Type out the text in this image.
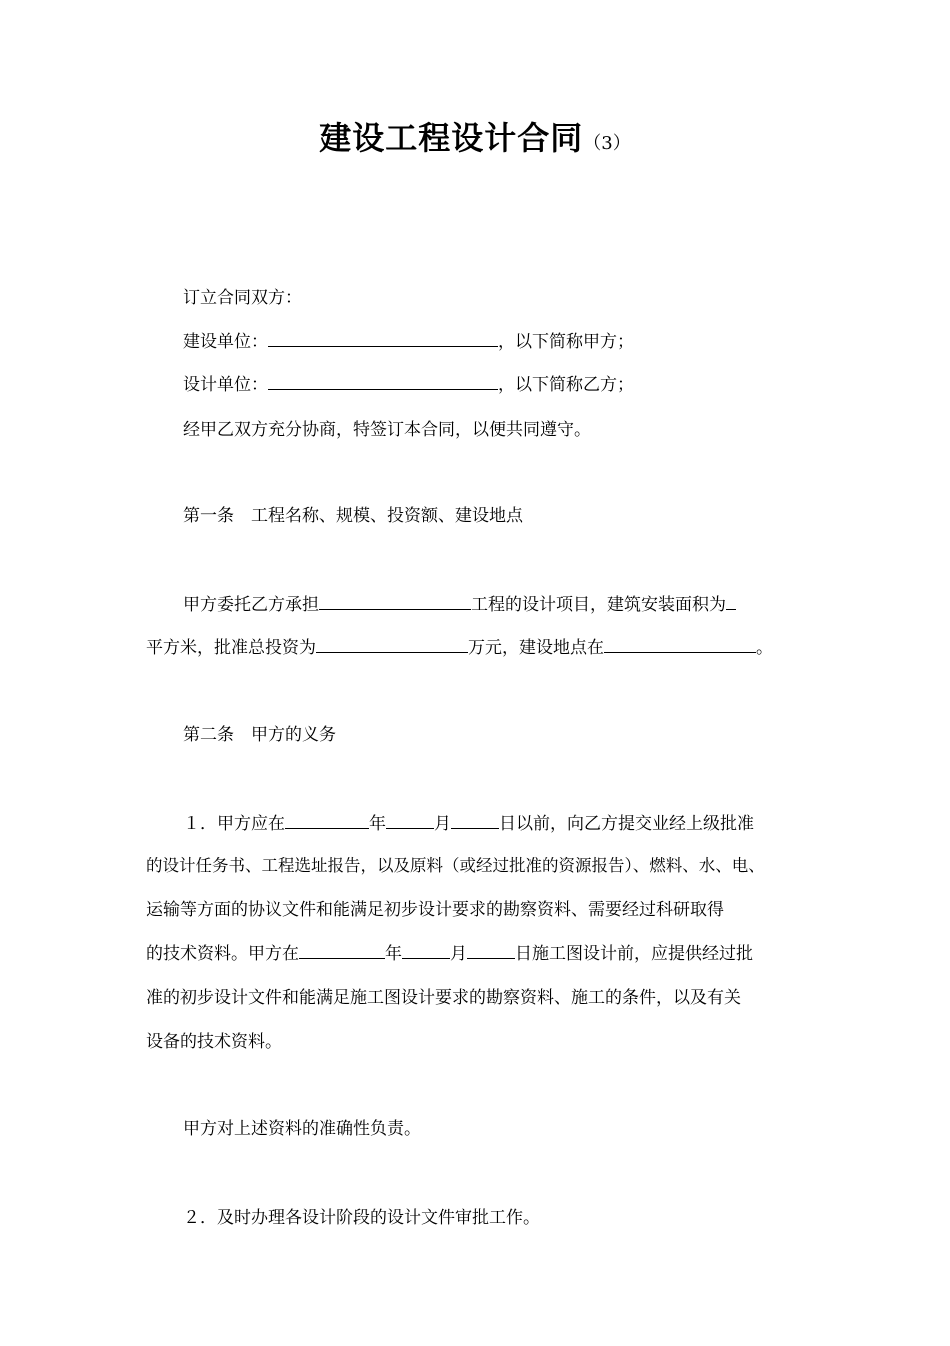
建设工程设计合同（3）
订立合同双方：
建设单位：	，以下简称甲方；
设计单位：	，以下简称乙方；
经甲乙双方充分协商，特签订本合同，以便共同遵守。
第一条　工程名称、规模、投资额、建设地点
甲方委托乙方承担	工程的设计项目，建筑安装面积为
平方米，批准总投资为	万元，建设地点在	。
第二条　甲方的义务
１．甲方应在	年	月	日以前，向乙方提交业经上级批准
的设计任务书、工程选址报告，以及原料（或经过批准的资源报告）、燃料、水、电、
运输等方面的协议文件和能满足初步设计要求的勘察资料、需要经过科研取得
的技术资料。甲方在	年	月	日施工图设计前，应提供经过批
准的初步设计文件和能满足施工图设计要求的勘察资料、施工的条件，以及有关
设备的技术资料。
甲方对上述资料的准确性负责。
２．及时办理各设计阶段的设计文件审批工作。
